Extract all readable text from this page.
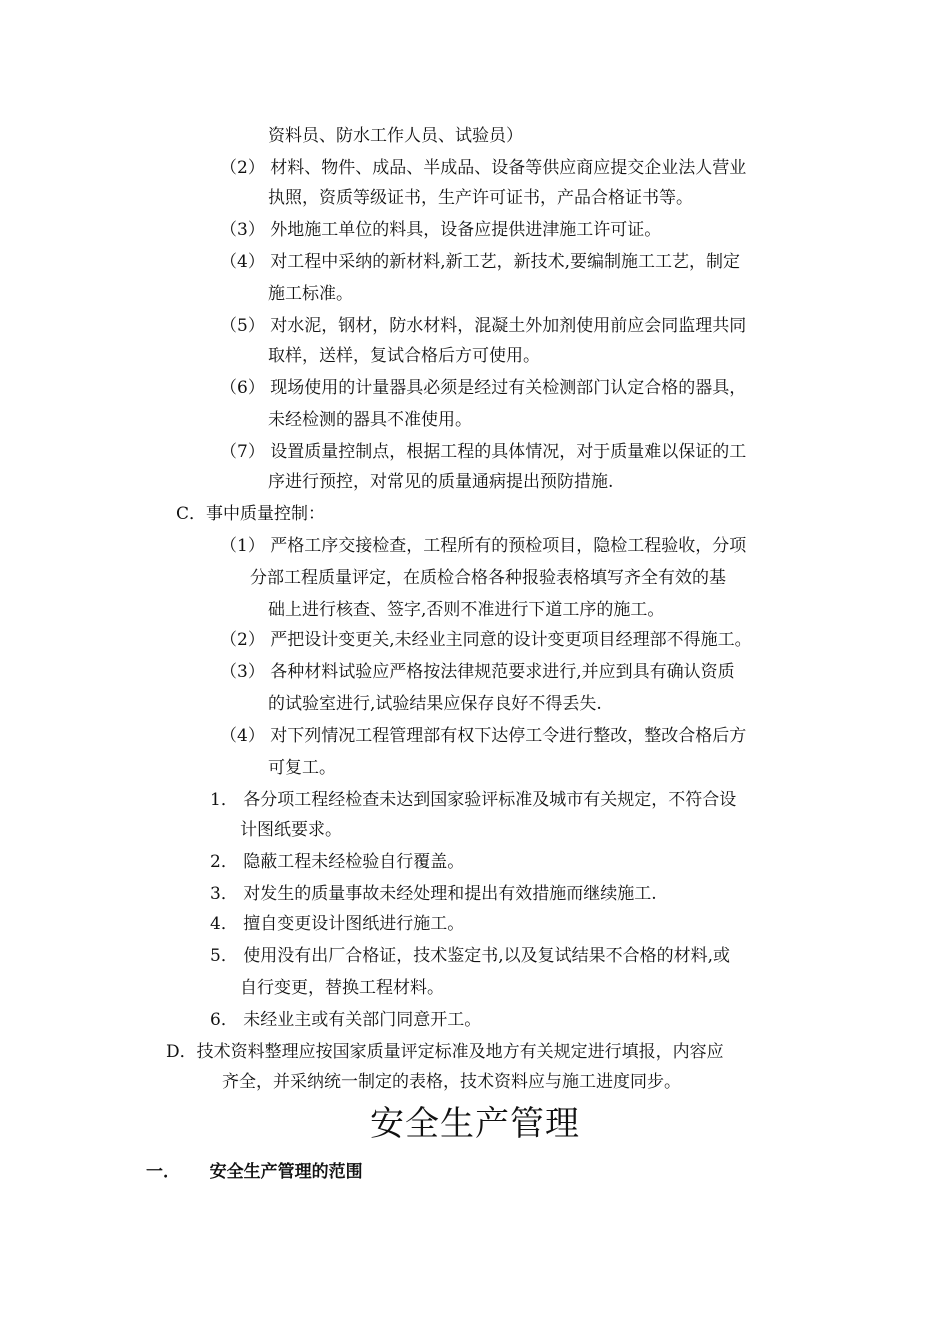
资料员、防水工作人员、试验员）
（2） 材料、物件、成品、半成品、设备等供应商应提交企业法人营业
执照，资质等级证书，生产许可证书，产品合格证书等。
（3） 外地施工单位的料具，设备应提供进津施工许可证。
（4） 对工程中采纳的新材料,新工艺，新技术,要编制施工工艺，制定
施工标准。
（5） 对水泥，钢材，防水材料，混凝土外加剂使用前应会同监理共同
取样，送样，复试合格后方可使用。
（6） 现场使用的计量器具必须是经过有关检测部门认定合格的器具，
未经检测的器具不准使用。
（7） 设置质量控制点，根据工程的具体情况，对于质量难以保证的工
序进行预控，对常见的质量通病提出预防措施.
C．事中质量控制：
（1） 严格工序交接检查，工程所有的预检项目，隐检工程验收，分项
分部工程质量评定，在质检合格各种报验表格填写齐全有效的基
础上进行核查、签字,否则不准进行下道工序的施工。
（2） 严把设计变更关,未经业主同意的设计变更项目经理部不得施工。
（3） 各种材料试验应严格按法律规范要求进行,并应到具有确认资质
的试验室进行,试验结果应保存良好不得丢失.
（4） 对下列情况工程管理部有权下达停工令进行整改，整改合格后方
可复工。
1． 各分项工程经检查未达到国家验评标准及城市有关规定，不符合设
计图纸要求。
2． 隐蔽工程未经检验自行覆盖。
3． 对发生的质量事故未经处理和提出有效措施而继续施工.
4． 擅自变更设计图纸进行施工。
5． 使用没有出厂合格证，技术鉴定书,以及复试结果不合格的材料,或
自行变更，替换工程材料。
6． 未经业主或有关部门同意开工。
D．技术资料整理应按国家质量评定标准及地方有关规定进行填报，内容应
齐全，并采纳统一制定的表格，技术资料应与施工进度同步。
安全生产管理
一．     安全生产管理的范围
